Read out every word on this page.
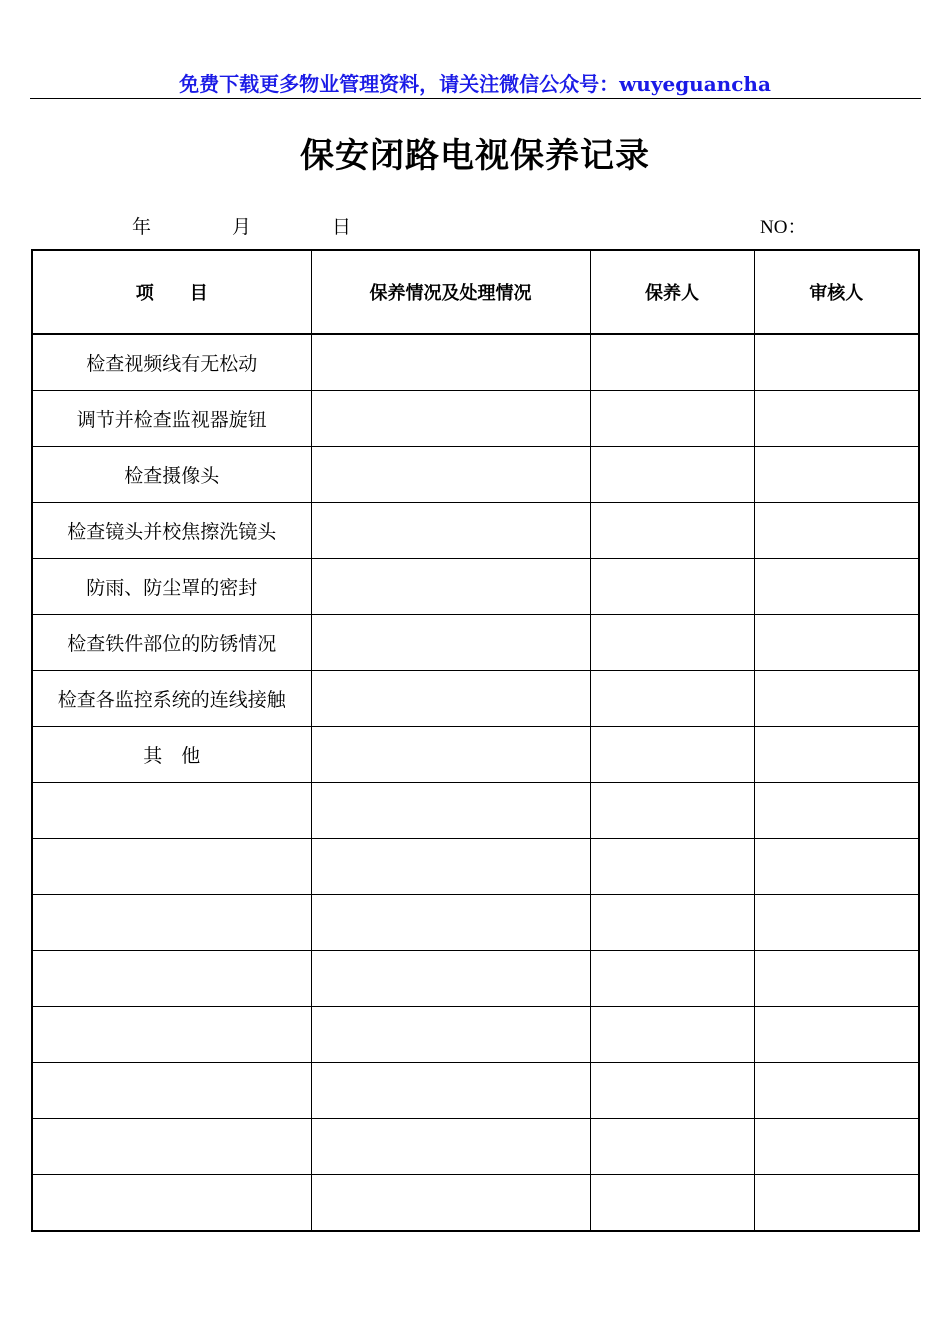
免费下载更多物业管理资料，请关注微信公众号：wuyeguancha
保安闭路电视保养记录
年	月	日	NO：
项　　目	保养情况及处理情况	保养人	审核人
检查视频线有无松动			
调节并检查监视器旋钮			
检查摄像头			
检查镜头并校焦擦洗镜头			
防雨、防尘罩的密封			
检查铁件部位的防锈情况			
检查各监控系统的连线接触			
其　他			
